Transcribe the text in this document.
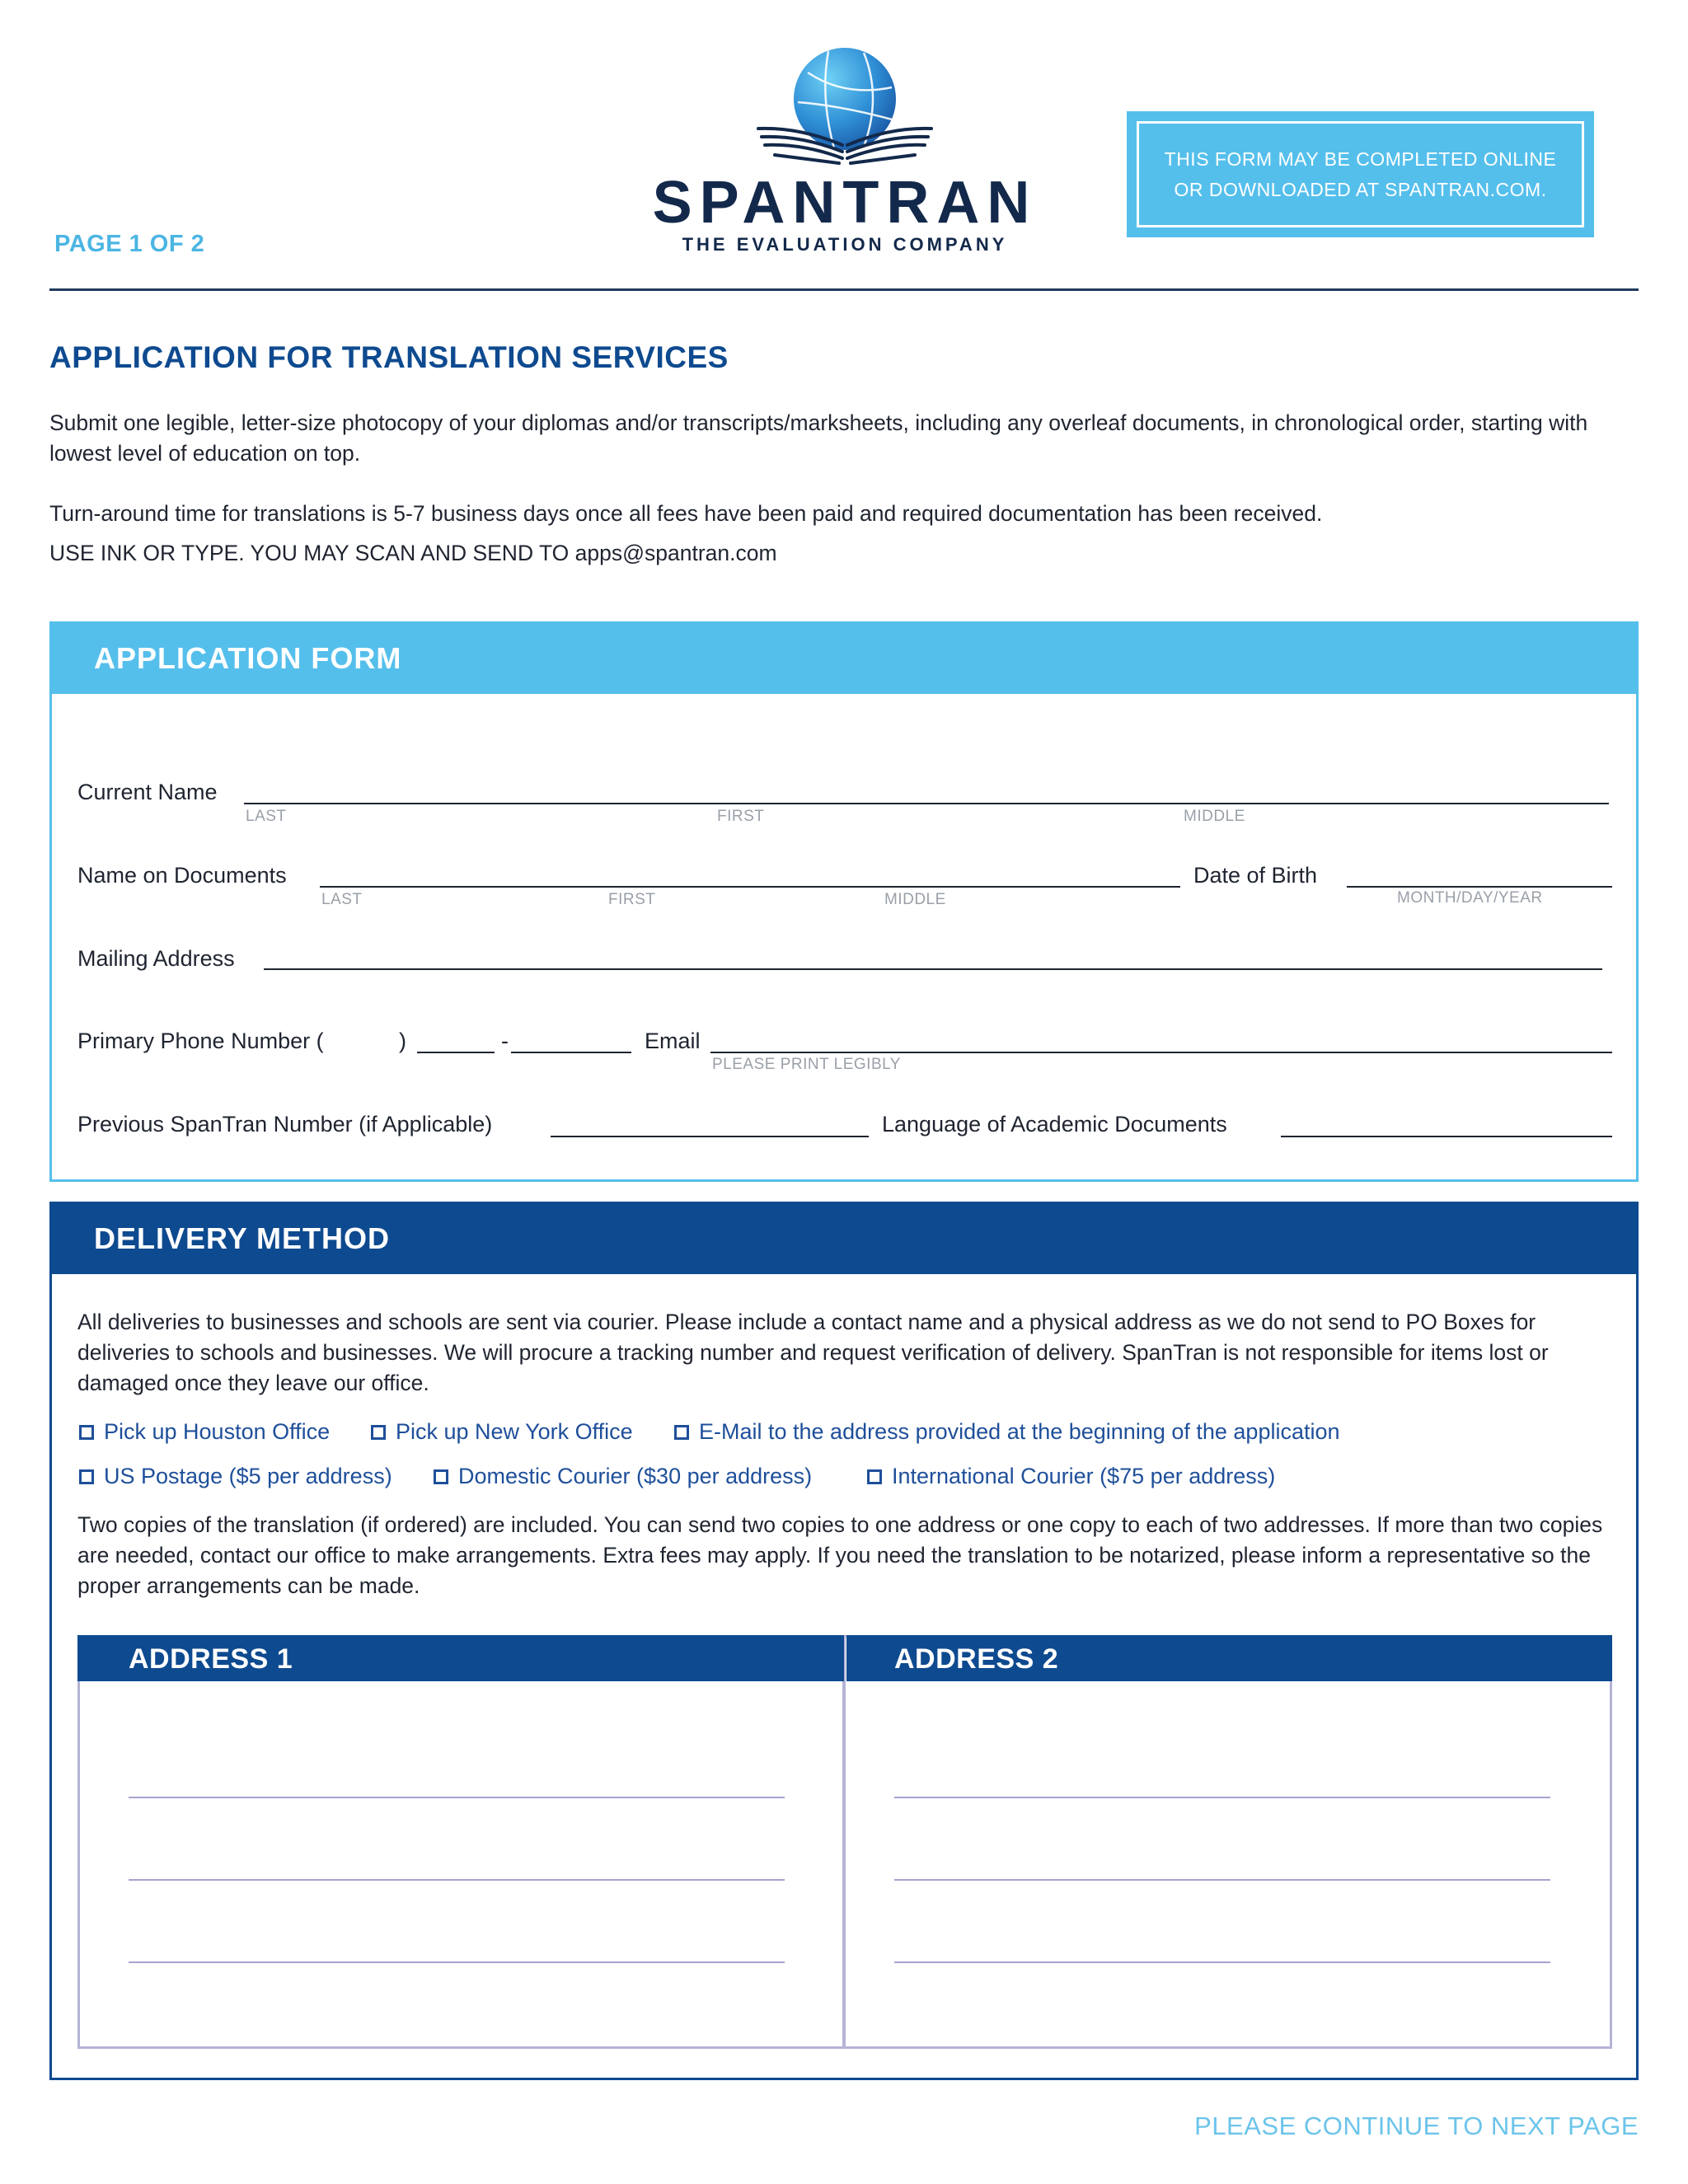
PAGE 1 OF 2
SPANTRAN
THE EVALUATION COMPANY
THIS FORM MAY BE COMPLETED ONLINE
OR DOWNLOADED AT SPANTRAN.COM.
APPLICATION FOR TRANSLATION SERVICES
Submit one legible, letter-size photocopy of your diplomas and/or transcripts/marksheets, including any overleaf documents, in chronological order, starting with lowest level of education on top.
Turn-around time for translations is 5-7 business days once all fees have been paid and required documentation has been received.
USE INK OR TYPE. YOU MAY SCAN AND SEND TO apps@spantran.com
APPLICATION FORM
Current Name
LAST	FIRST	MIDDLE
Name on Documents
LAST	FIRST	MIDDLE
Date of Birth
MONTH/DAY/YEAR
Mailing Address
Primary Phone Number (	)	-	Email
PLEASE PRINT LEGIBLY
Previous SpanTran Number (if Applicable)	Language of Academic Documents
DELIVERY METHOD
All deliveries to businesses and schools are sent via courier. Please include a contact name and a physical address as we do not send to PO Boxes for deliveries to schools and businesses. We will procure a tracking number and request verification of delivery. SpanTran is not responsible for items lost or damaged once they leave our office.
Pick up Houston Office	Pick up New York Office	E-Mail to the address provided at the beginning of the application
US Postage ($5 per address)	Domestic Courier ($30 per address)	International Courier ($75 per address)
Two copies of the translation (if ordered) are included. You can send two copies to one address or one copy to each of two addresses. If more than two copies are needed, contact our office to make arrangements. Extra fees may apply. If you need the translation to be notarized, please inform a representative so the proper arrangements can be made.
ADDRESS 1	ADDRESS 2
PLEASE CONTINUE TO NEXT PAGE
